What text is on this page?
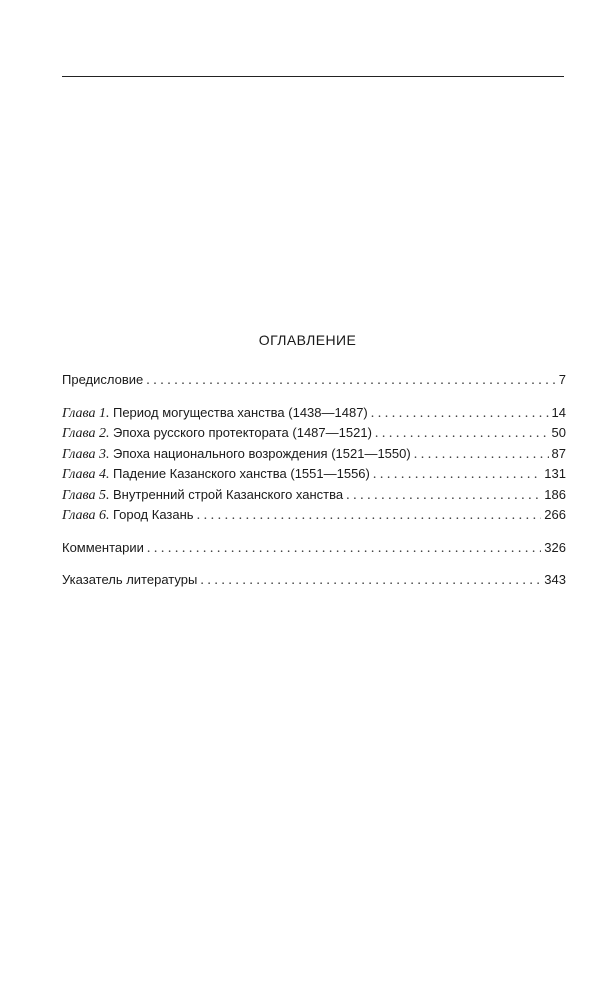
ОГЛАВЛЕНИЕ
Предисловие . . .	7
Глава 1. Период могущества ханства (1438—1487) . . .	14
Глава 2. Эпоха русского протектората (1487—1521) . . .	50
Глава 3. Эпоха национального возрождения (1521—1550) . . .	87
Глава 4. Падение Казанского ханства (1551—1556) . . .	131
Глава 5. Внутренний строй Казанского ханства . . .	186
Глава 6. Город Казань . . .	266
Комментарии . . .	326
Указатель литературы . . .	343
